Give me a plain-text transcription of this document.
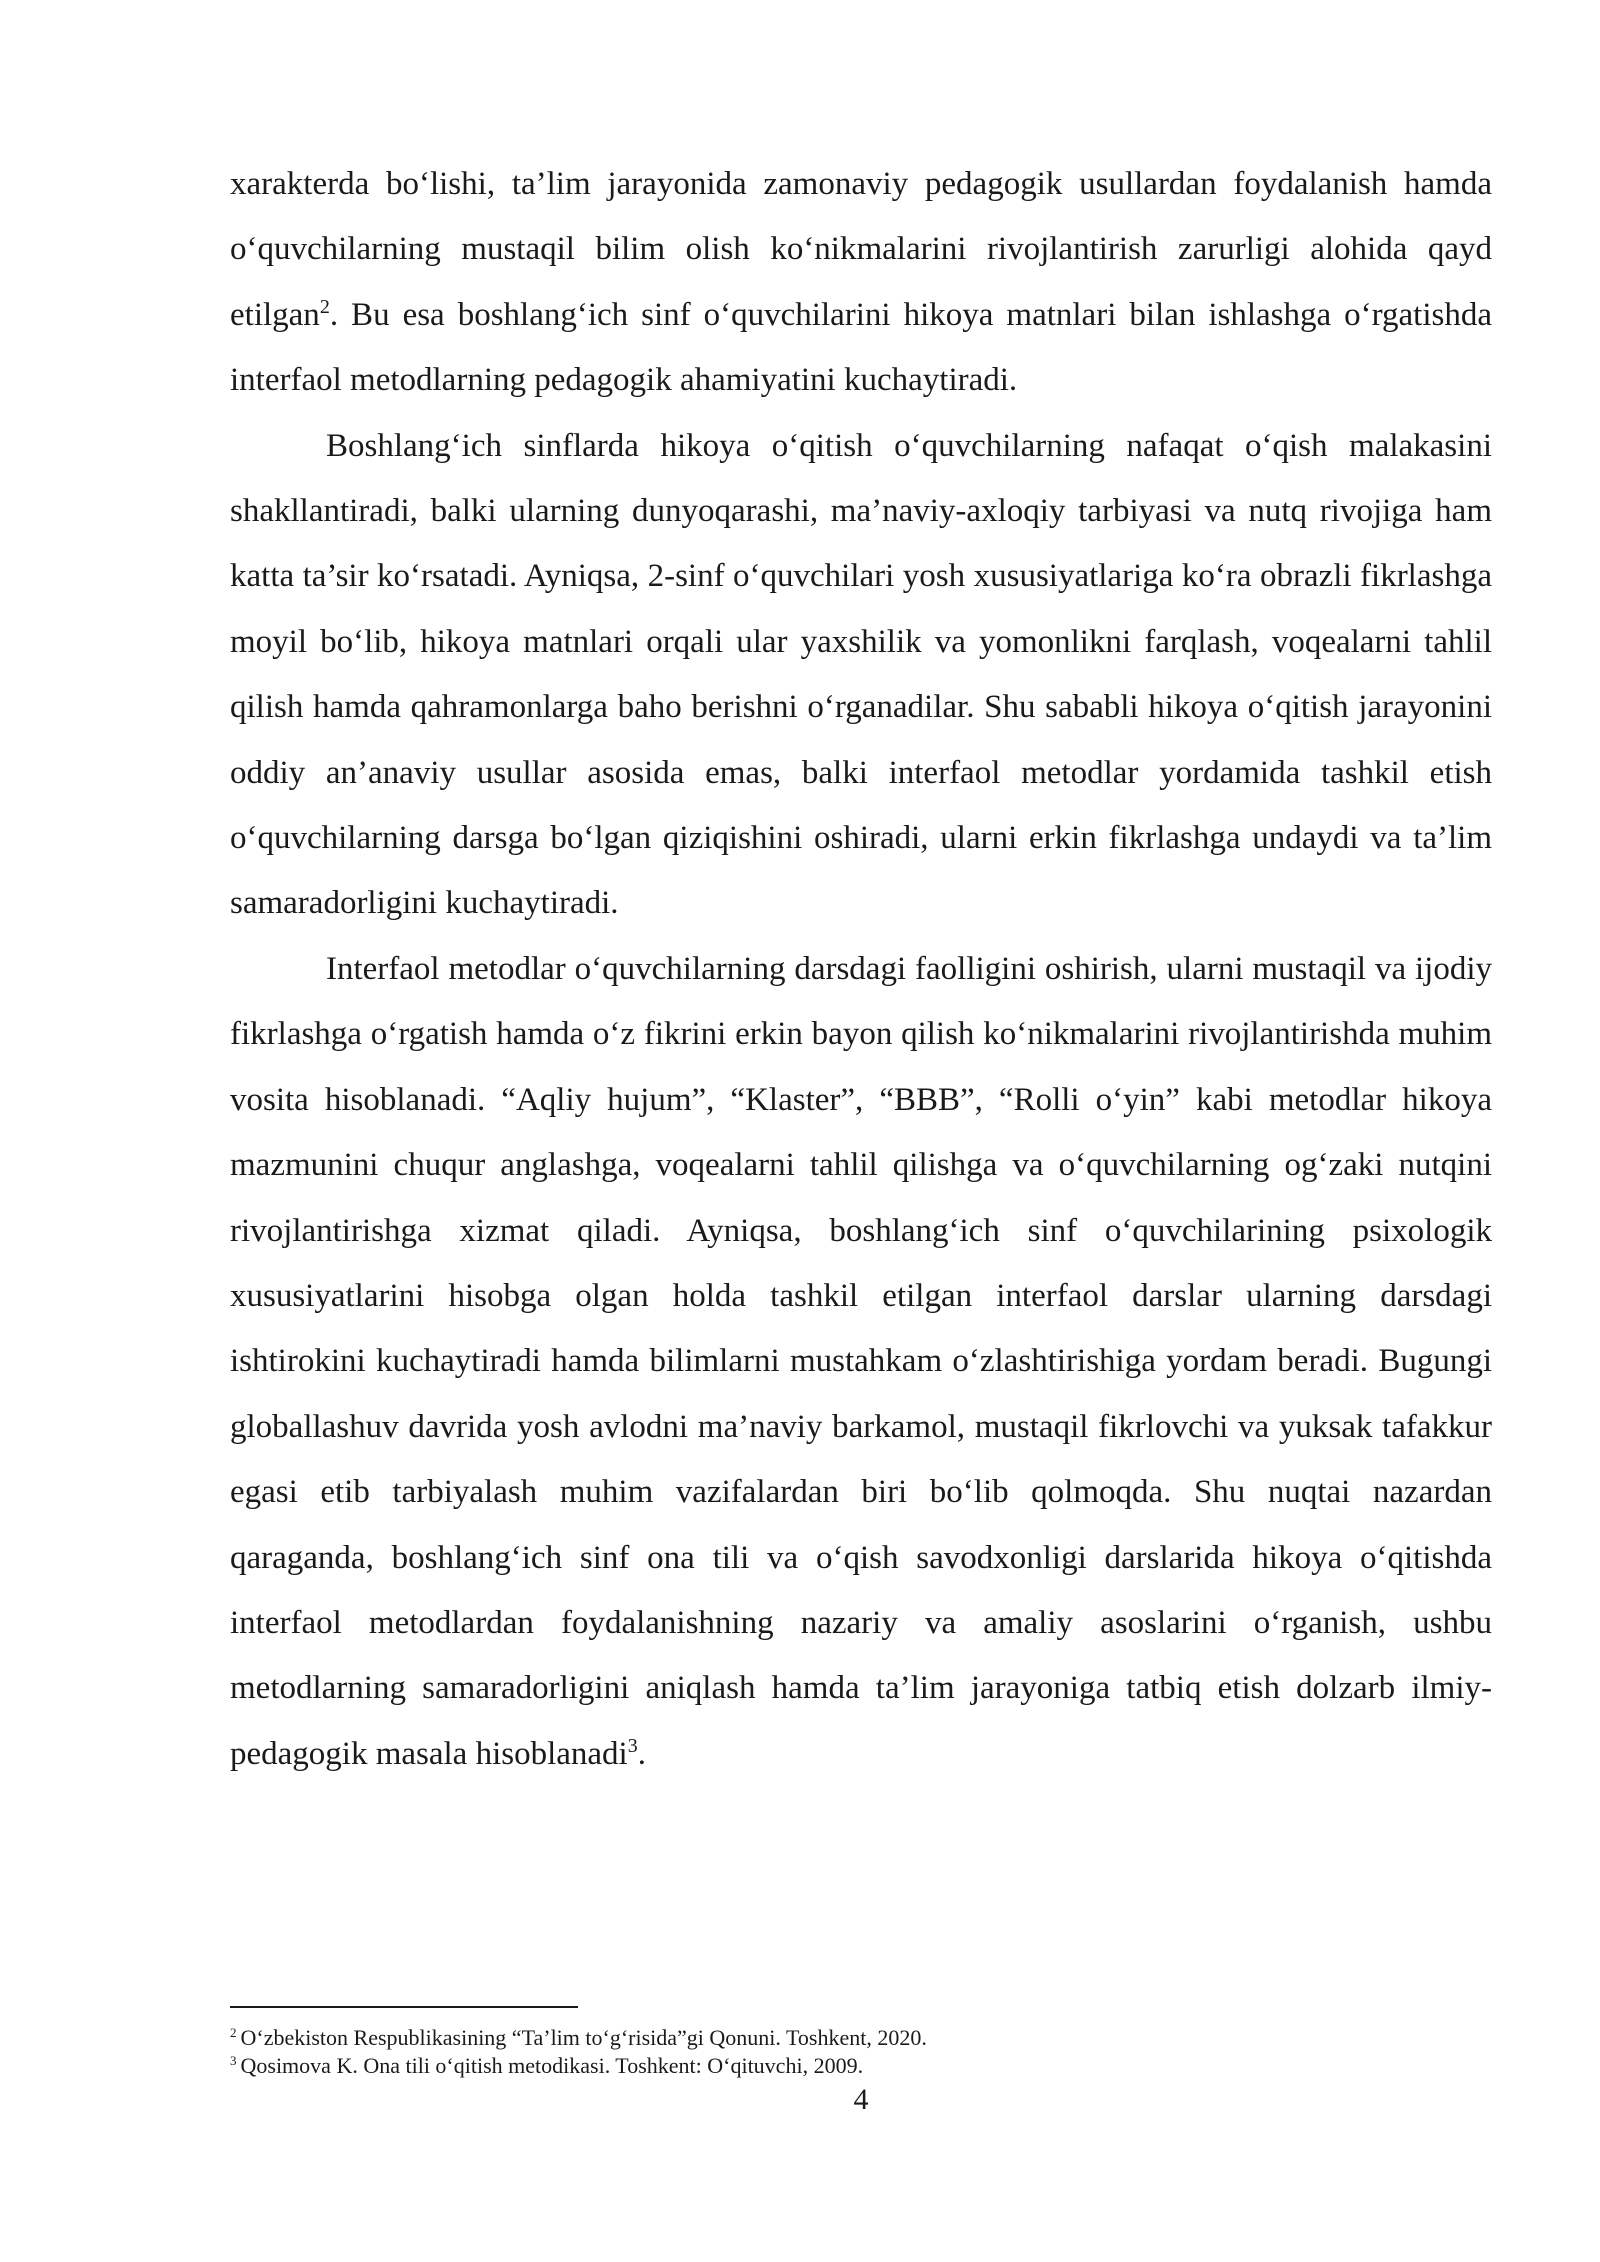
xarakterda bo‘lishi, ta’lim jarayonida zamonaviy pedagogik usullardan foydalanish hamda o‘quvchilarning mustaqil bilim olish ko‘nikmalarini rivojlantirish zarurligi alohida qayd etilgan$^2$. Bu esa boshlang‘ich sinf o‘quvchilarini hikoya matnlari bilan ishlashga o‘rgatishda interfaol metodlarning pedagogik ahamiyatini kuchaytiradi.

Boshlang‘ich sinflarda hikoya o‘qitish o‘quvchilarning nafaqat o‘qish malakasini shakllantiradi, balki ularning dunyoqarashi, ma’naviy-axloqiy tarbiyasi va nutq rivojiga ham katta ta’sir ko‘rsatadi. Ayniqsa, 2-sinf o‘quvchilari yosh xususiyatlariga ko‘ra obrazli fikrlashga moyil bo‘lib, hikoya matnlari orqali ular yaxshilik va yomonlikni farqlash, voqealarni tahlil qilish hamda qahramonlarga baho berishni o‘rganadilar. Shu sababli hikoya o‘qitish jarayonini oddiy an’anaviy usullar asosida emas, balki interfaol metodlar yordamida tashkil etish o‘quvchilarning darsga bo‘lgan qiziqishini oshiradi, ularni erkin fikrlashga undaydi va ta’lim samaradorligini kuchaytiradi.

Interfaol metodlar o‘quvchilarning darsdagi faolligini oshirish, ularni mustaqil va ijodiy fikrlashga o‘rgatish hamda o‘z fikrini erkin bayon qilish ko‘nikmalarini rivojlantirishda muhim vosita hisoblanadi. “Aqliy hujum”, “Klaster”, “BBB”, “Rolli o‘yin” kabi metodlar hikoya mazmunini chuqur anglashga, voqealarni tahlil qilishga va o‘quvchilarning og‘zaki nutqini rivojlantirishga xizmat qiladi. Ayniqsa, boshlang‘ich sinf o‘quvchilarining psixologik xususiyatlarini hisobga olgan holda tashkil etilgan interfaol darslar ularning darsdagi ishtirokini kuchaytiradi hamda bilimlarni mustahkam o‘zlashtirishiga yordam beradi. Bugungi globallashuv davrida yosh avlodni ma’naviy barkamol, mustaqil fikrlovchi va yuksak tafakkur egasi etib tarbiyalash muhim vazifalardan biri bo‘lib qolmoqda. Shu nuqtai nazardan qaraganda, boshlang‘ich sinf ona tili va o‘qish savodxonligi darslarida hikoya o‘qitishda interfaol metodlardan foydalanishning nazariy va amaliy asoslarini o‘rganish, ushbu metodlarning samaradorligini aniqlash hamda ta’lim jarayoniga tatbiq etish dolzarb ilmiy-pedagogik masala hisoblanadi$^3$.

$^2$ O‘zbekiston Respublikasining “Ta’lim to‘g‘risida”gi Qonuni. Toshkent, 2020.

$^3$ Qosimova K. Ona tili o‘qitish metodikasi. Toshkent: O‘qituvchi, 2009.

4
